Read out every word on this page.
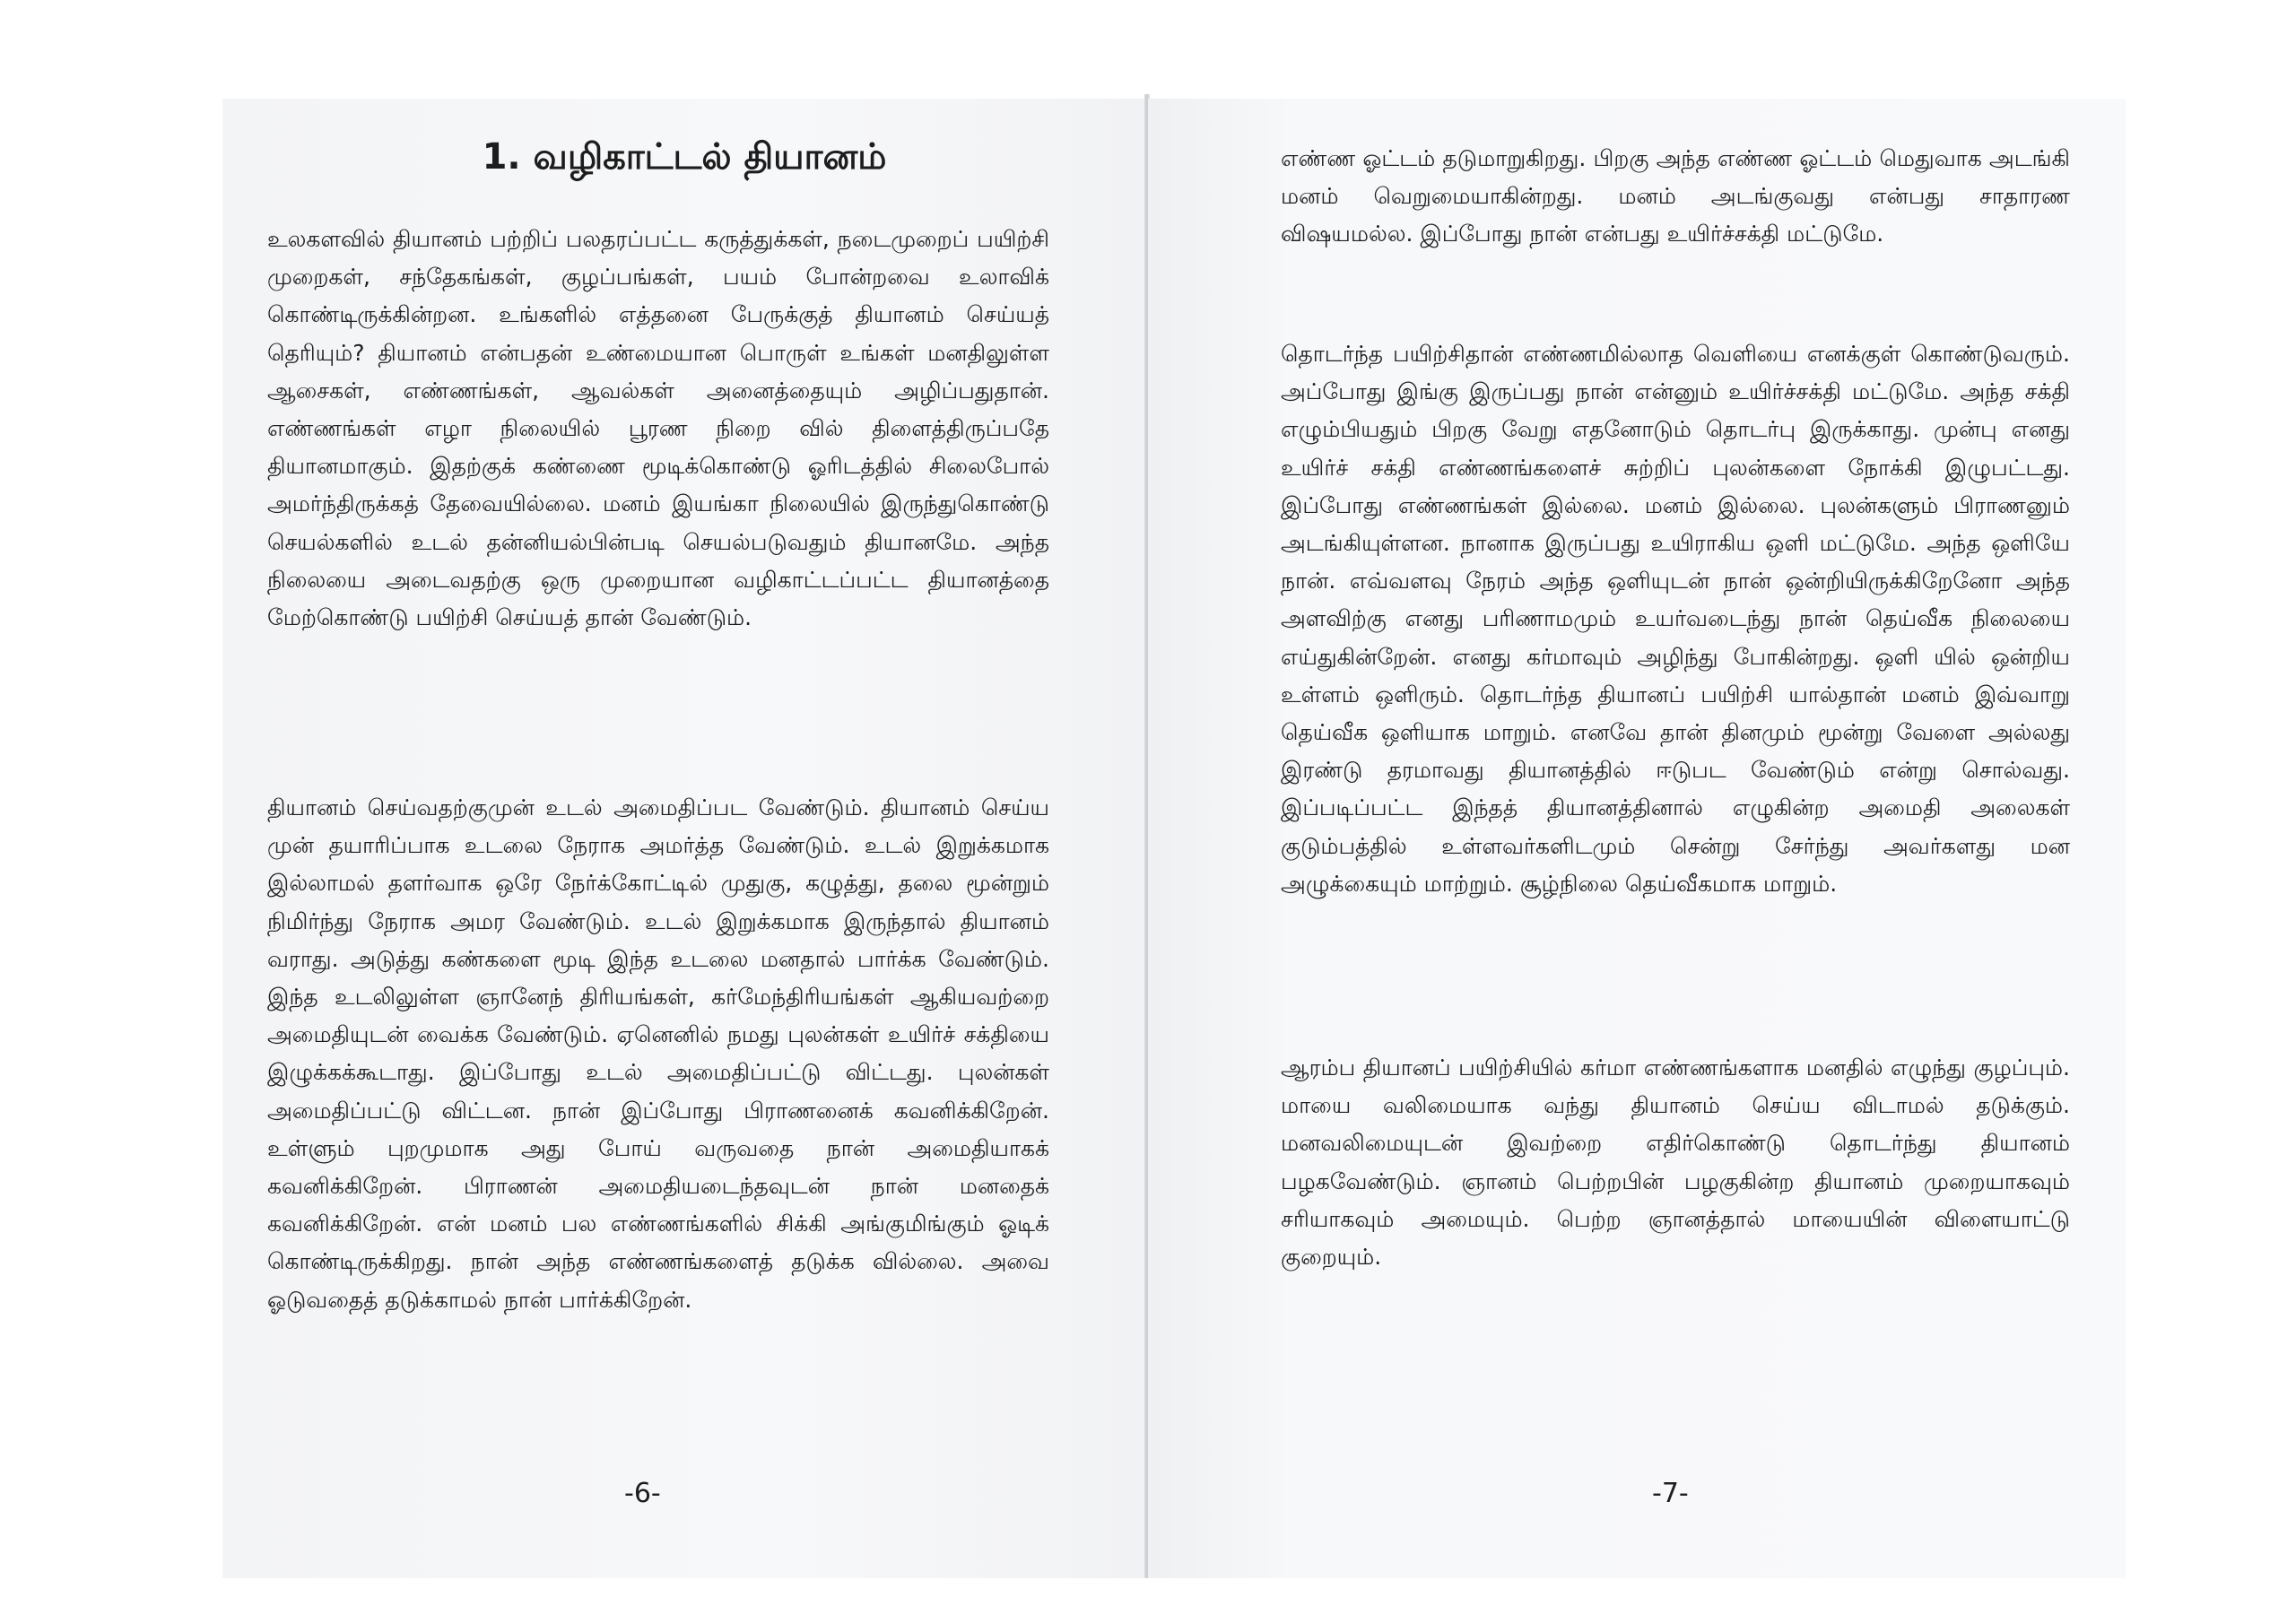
1. வழிகாட்டல் தியானம்

உலகளவில் தியானம் பற்றிப் பலதரப்பட்ட கருத்துக்கள், நடைமுறைப் பயிற்சி முறைகள், சந்தேகங்கள், குழப்பங்கள், பயம் போன்றவை உலாவிக் கொண்டிருக்கின்றன. உங்களில் எத்தனை பேருக்குத் தியானம் செய்யத் தெரியும்? தியானம் என்பதன் உண்மையான பொருள் உங்கள் மனதிலுள்ள ஆசைகள், எண்ணங்கள், ஆவல்கள் அனைத்தையும் அழிப்பதுதான். எண்ணங்கள் எழா நிலையில் பூரண நிறை வில் திளைத்திருப்பதே தியானமாகும். இதற்குக் கண்ணை மூடிக்கொண்டு ஓரிடத்தில் சிலைபோல் அமர்ந்திருக்கத் தேவையில்லை. மனம் இயங்கா நிலையில் இருந்துகொண்டு செயல்களில் உடல் தன்னியல்பின்படி செயல்படுவதும் தியானமே. அந்த நிலையை அடைவதற்கு ஒரு முறையான வழிகாட்டப்பட்ட தியானத்தை மேற்கொண்டு பயிற்சி செய்யத் தான் வேண்டும்.

தியானம் செய்வதற்குமுன் உடல் அமைதிப்பட வேண்டும். தியானம் செய்ய முன் தயாரிப்பாக உடலை நேராக அமர்த்த வேண்டும். உடல் இறுக்கமாக இல்லாமல் தளர்வாக ஒரே நேர்க்கோட்டில் முதுகு, கழுத்து, தலை மூன்றும் நிமிர்ந்து நேராக அமர வேண்டும். உடல் இறுக்கமாக இருந்தால் தியானம் வராது. அடுத்து கண்களை மூடி இந்த உடலை மனதால் பார்க்க வேண்டும். இந்த உடலிலுள்ள ஞானேந் திரியங்கள், கர்மேந்திரியங்கள் ஆகியவற்றை அமைதியுடன் வைக்க வேண்டும். ஏனெனில் நமது புலன்கள் உயிர்ச் சக்தியை இழுக்கக்கூடாது. இப்போது உடல் அமைதிப்பட்டு விட்டது. புலன்கள் அமைதிப்பட்டு விட்டன. நான் இப்போது பிராணனைக் கவனிக்கிறேன். உள்ளும் புறமுமாக அது போய் வருவதை நான் அமைதியாகக் கவனிக்கிறேன். பிராணன் அமைதியடைந்தவுடன் நான் மனதைக் கவனிக்கிறேன். என் மனம் பல எண்ணங்களில் சிக்கி அங்குமிங்கும் ஓடிக் கொண்டிருக்கிறது. நான் அந்த எண்ணங்களைத் தடுக்க வில்லை. அவை ஓடுவதைத் தடுக்காமல் நான் பார்க்கிறேன்.

-6-

எண்ண ஓட்டம் தடுமாறுகிறது. பிறகு அந்த எண்ண ஓட்டம் மெதுவாக அடங்கி மனம் வெறுமையாகின்றது. மனம் அடங்குவது என்பது சாதாரண விஷயமல்ல. இப்போது நான் என்பது உயிர்ச்சக்தி மட்டுமே.

தொடர்ந்த பயிற்சிதான் எண்ணமில்லாத வெளியை எனக்குள் கொண்டுவரும். அப்போது இங்கு இருப்பது நான் என்னும் உயிர்ச்சக்தி மட்டுமே. அந்த சக்தி எழும்பியதும் பிறகு வேறு எதனோடும் தொடர்பு இருக்காது. முன்பு எனது உயிர்ச் சக்தி எண்ணங்களைச் சுற்றிப் புலன்களை நோக்கி இழுபட்டது. இப்போது எண்ணங்கள் இல்லை. மனம் இல்லை. புலன்களும் பிராணனும் அடங்கியுள்ளன. நானாக இருப்பது உயிராகிய ஒளி மட்டுமே. அந்த ஒளியே நான். எவ்வளவு நேரம் அந்த ஒளியுடன் நான் ஒன்றியிருக்கிறேனோ அந்த அளவிற்கு எனது பரிணாமமும் உயர்வடைந்து நான் தெய்வீக நிலையை எய்துகின்றேன். எனது கர்மாவும் அழிந்து போகின்றது. ஒளி யில் ஒன்றிய உள்ளம் ஒளிரும். தொடர்ந்த தியானப் பயிற்சி யால்தான் மனம் இவ்வாறு தெய்வீக ஒளியாக மாறும். எனவே தான் தினமும் மூன்று வேளை அல்லது இரண்டு தரமாவது தியானத்தில் ஈடுபட வேண்டும் என்று சொல்வது. இப்படிப்பட்ட இந்தத் தியானத்தினால் எழுகின்ற அமைதி அலைகள் குடும்பத்தில் உள்ளவர்களிடமும் சென்று சேர்ந்து அவர்களது மன அழுக்கையும் மாற்றும். சூழ்நிலை தெய்வீகமாக மாறும்.

ஆரம்ப தியானப் பயிற்சியில் கர்மா எண்ணங்களாக மனதில் எழுந்து குழப்பும். மாயை வலிமையாக வந்து தியானம் செய்ய விடாமல் தடுக்கும். மனவலிமையுடன் இவற்றை எதிர்கொண்டு தொடர்ந்து தியானம் பழகவேண்டும். ஞானம் பெற்றபின் பழகுகின்ற தியானம் முறையாகவும் சரியாகவும் அமையும். பெற்ற ஞானத்தால் மாயையின் விளையாட்டு குறையும்.

-7-
